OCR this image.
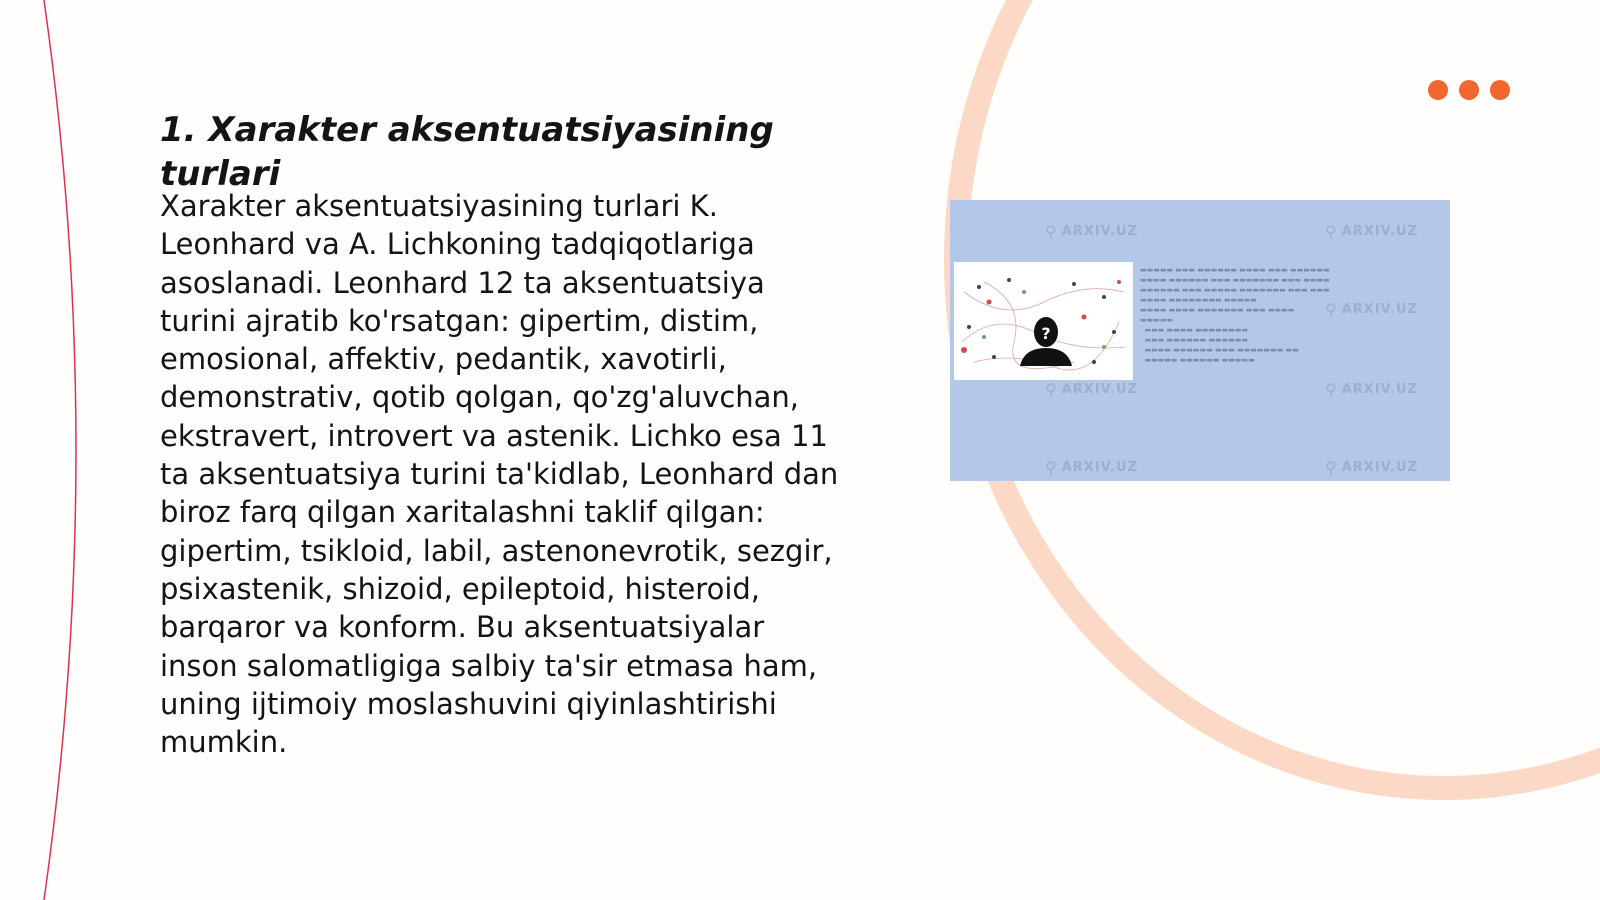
1. Xarakter aksentuatsiyasining turlari

Xarakter aksentuatsiyasining turlari K. Leonhard va A. Lichkoning tadqiqotlariga asoslanadi. Leonhard 12 ta aksentuatsiya turini ajratib ko'rsatgan: gipertim, distim, emosional, affektiv, pedantik, xavotirli, demonstrativ, qotib qolgan, qo'zg'aluvchan, ekstravert, introvert va astenik. Lichko esa 11 ta aksentuatsiya turini ta'kidlab, Leonhard dan biroz farq qilgan xaritalashni taklif qilgan: gipertim, tsikloid, labil, astenonevrotik, sezgir, psixastenik, shizoid, epileptoid, histeroid, barqaror va konform. Bu aksentuatsiyalar inson salomatligiga salbiy ta'sir etmasa ham, uning ijtimoiy moslashuvini qiyinlashtirishi mumkin.

⚲ ARXIV.UZ	⚲ ARXIV.UZ
⚲ ARXIV.UZ
⚲ ARXIV.UZ	⚲ ARXIV.UZ
⚲ ARXIV.UZ	⚲ ARXIV.UZ
?

▬▬▬▬▬ ▬▬▬ ▬▬▬▬▬▬ ▬▬▬▬ ▬▬▬ ▬▬▬▬▬▬
▬▬▬▬ ▬▬▬▬▬▬ ▬▬▬ ▬▬▬▬▬▬▬ ▬▬▬ ▬▬▬▬
▬▬▬▬▬▬ ▬▬▬ ▬▬▬▬▬ ▬▬▬▬▬▬▬ ▬▬▬ ▬▬▬
▬▬▬▬ ▬▬▬▬▬▬▬▬ ▬▬▬▬▬
▬▬▬▬ ▬▬▬▬ ▬▬▬▬▬▬▬ ▬▬▬ ▬▬▬▬
▬▬▬▬▬
▬▬▬ ▬▬▬▬ ▬▬▬▬▬▬▬▬
▬▬▬ ▬▬▬▬▬▬ ▬▬▬▬▬▬
▬▬▬▬ ▬▬▬▬▬▬ ▬▬▬ ▬▬▬▬▬▬▬ ▬▬
▬▬▬▬▬ ▬▬▬▬▬▬ ▬▬▬▬▬
